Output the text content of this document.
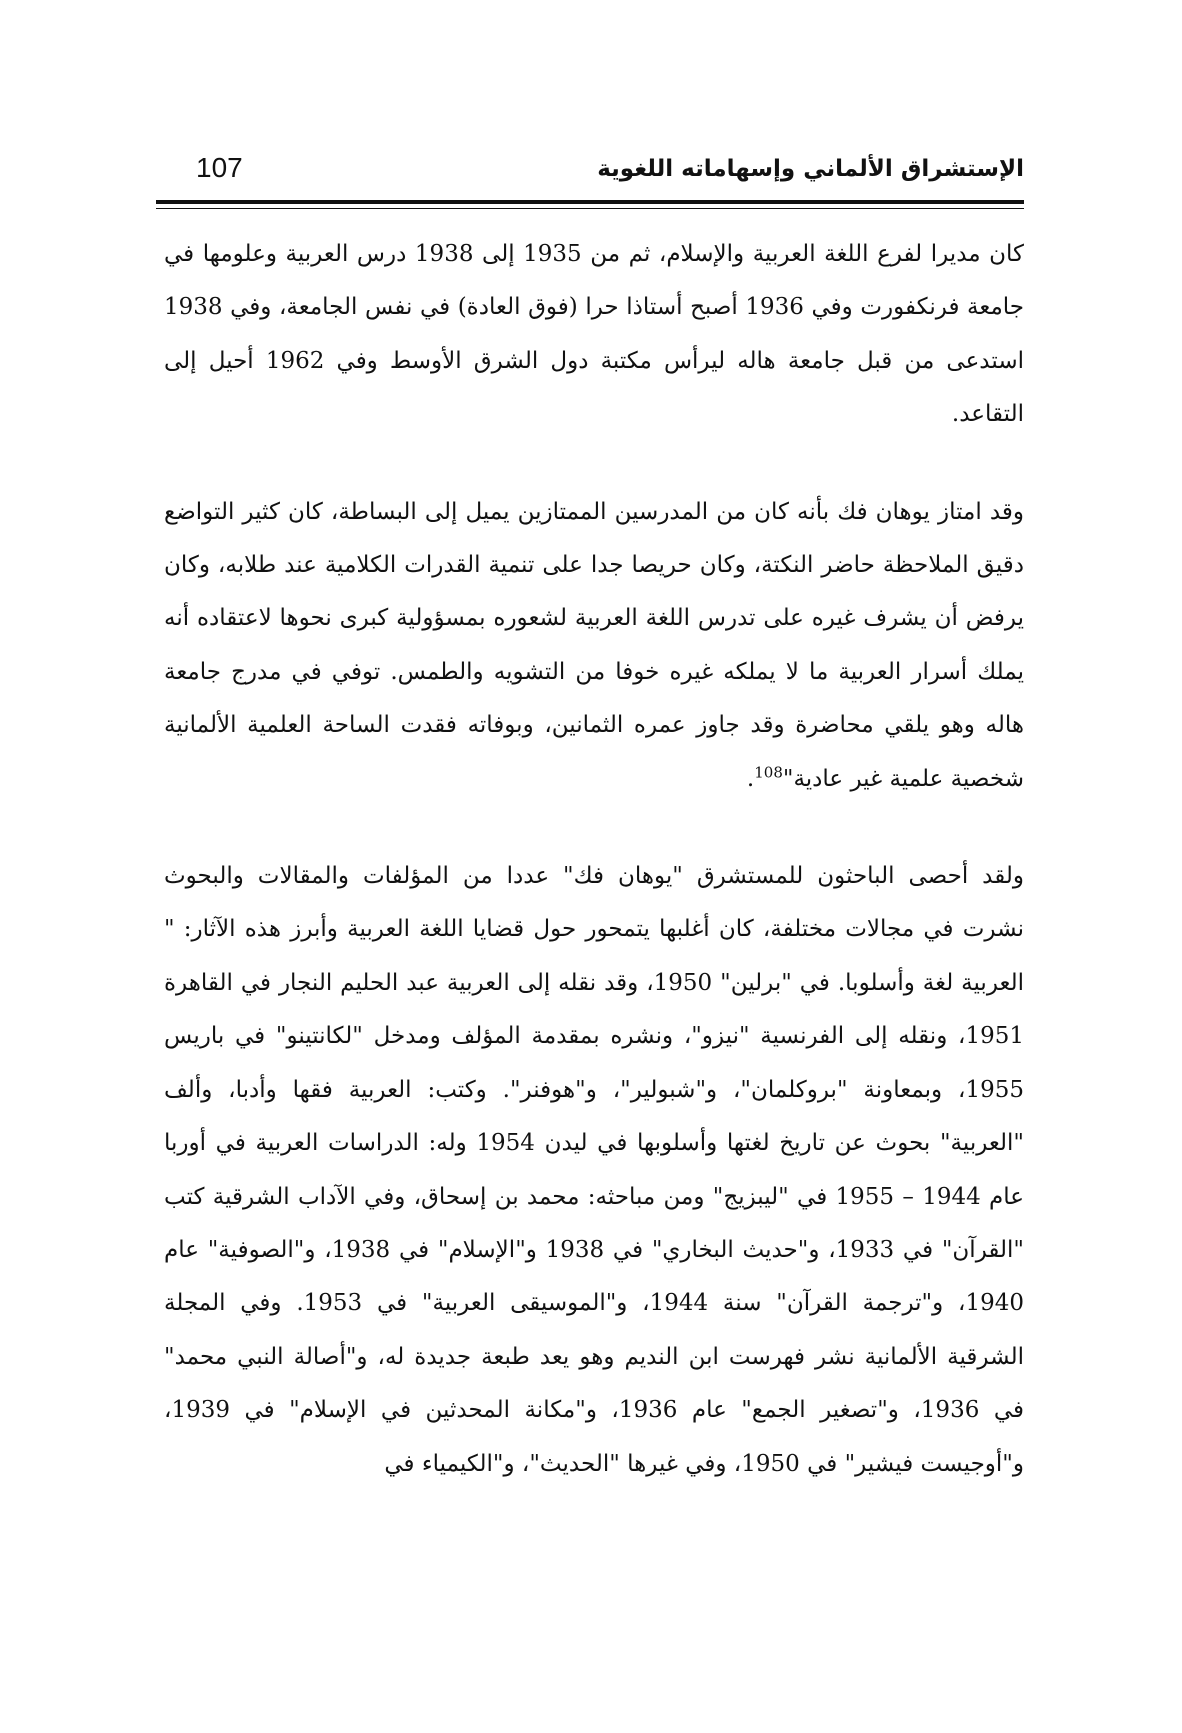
الإستشراق الألماني وإسهاماته اللغوية
107

كان مديرا لفرع اللغة العربية والإسلام، ثم من 1935 إلى 1938 درس العربية وعلومها في جامعة فرنكفورت وفي 1936 أصبح أستاذا حرا (فوق العادة) في نفس الجامعة، وفي 1938 استدعى من قبل جامعة هاله ليرأس مكتبة دول الشرق الأوسط وفي 1962 أحيل إلى التقاعد.

وقد امتاز يوهان فك بأنه كان من المدرسين الممتازين يميل إلى البساطة، كان كثير التواضع دقيق الملاحظة حاضر النكتة، وكان حريصا جدا على تنمية القدرات الكلامية عند طلابه، وكان يرفض أن يشرف غيره على تدرس اللغة العربية لشعوره بمسؤولية كبرى نحوها لاعتقاده أنه يملك أسرار العربية ما لا يملكه غيره خوفا من التشويه والطمس. توفي في مدرج جامعة هاله وهو يلقي محاضرة وقد جاوز عمره الثمانين، وبوفاته فقدت الساحة العلمية الألمانية شخصية علمية غير عادية"$^{108}$.

ولقد أحصى الباحثون للمستشرق "يوهان فك" عددا من المؤلفات والمقالات والبحوث نشرت في مجالات مختلفة، كان أغلبها يتمحور حول قضايا اللغة العربية وأبرز هذه الآثار: " العربية لغة وأسلوبا. في "برلين" 1950، وقد نقله إلى العربية عبد الحليم النجار في القاهرة 1951، ونقله إلى الفرنسية "نيزو"، ونشره بمقدمة المؤلف ومدخل "لكانتينو" في باريس 1955، وبمعاونة "بروكلمان"، و"شبولير"، و"هوفنر". وكتب: العربية فقها وأدبا، وألف "العربية" بحوث عن تاريخ لغتها وأسلوبها في ليدن 1954 وله: الدراسات العربية في أوربا عام 1944 – 1955 في "ليبزيج" ومن مباحثه: محمد بن إسحاق، وفي الآداب الشرقية كتب "القرآن" في 1933، و"حديث البخاري" في 1938 و"الإسلام" في 1938، و"الصوفية" عام 1940، و"ترجمة القرآن" سنة 1944، و"الموسيقى العربية" في 1953. وفي المجلة الشرقية الألمانية نشر فهرست ابن النديم وهو يعد طبعة جديدة له، و"أصالة النبي محمد" في 1936، و"تصغير الجمع" عام 1936، و"مكانة المحدثين في الإسلام" في 1939، و"أوجيست فيشير" في 1950، وفي غيرها "الحديث"، و"الكيمياء في
